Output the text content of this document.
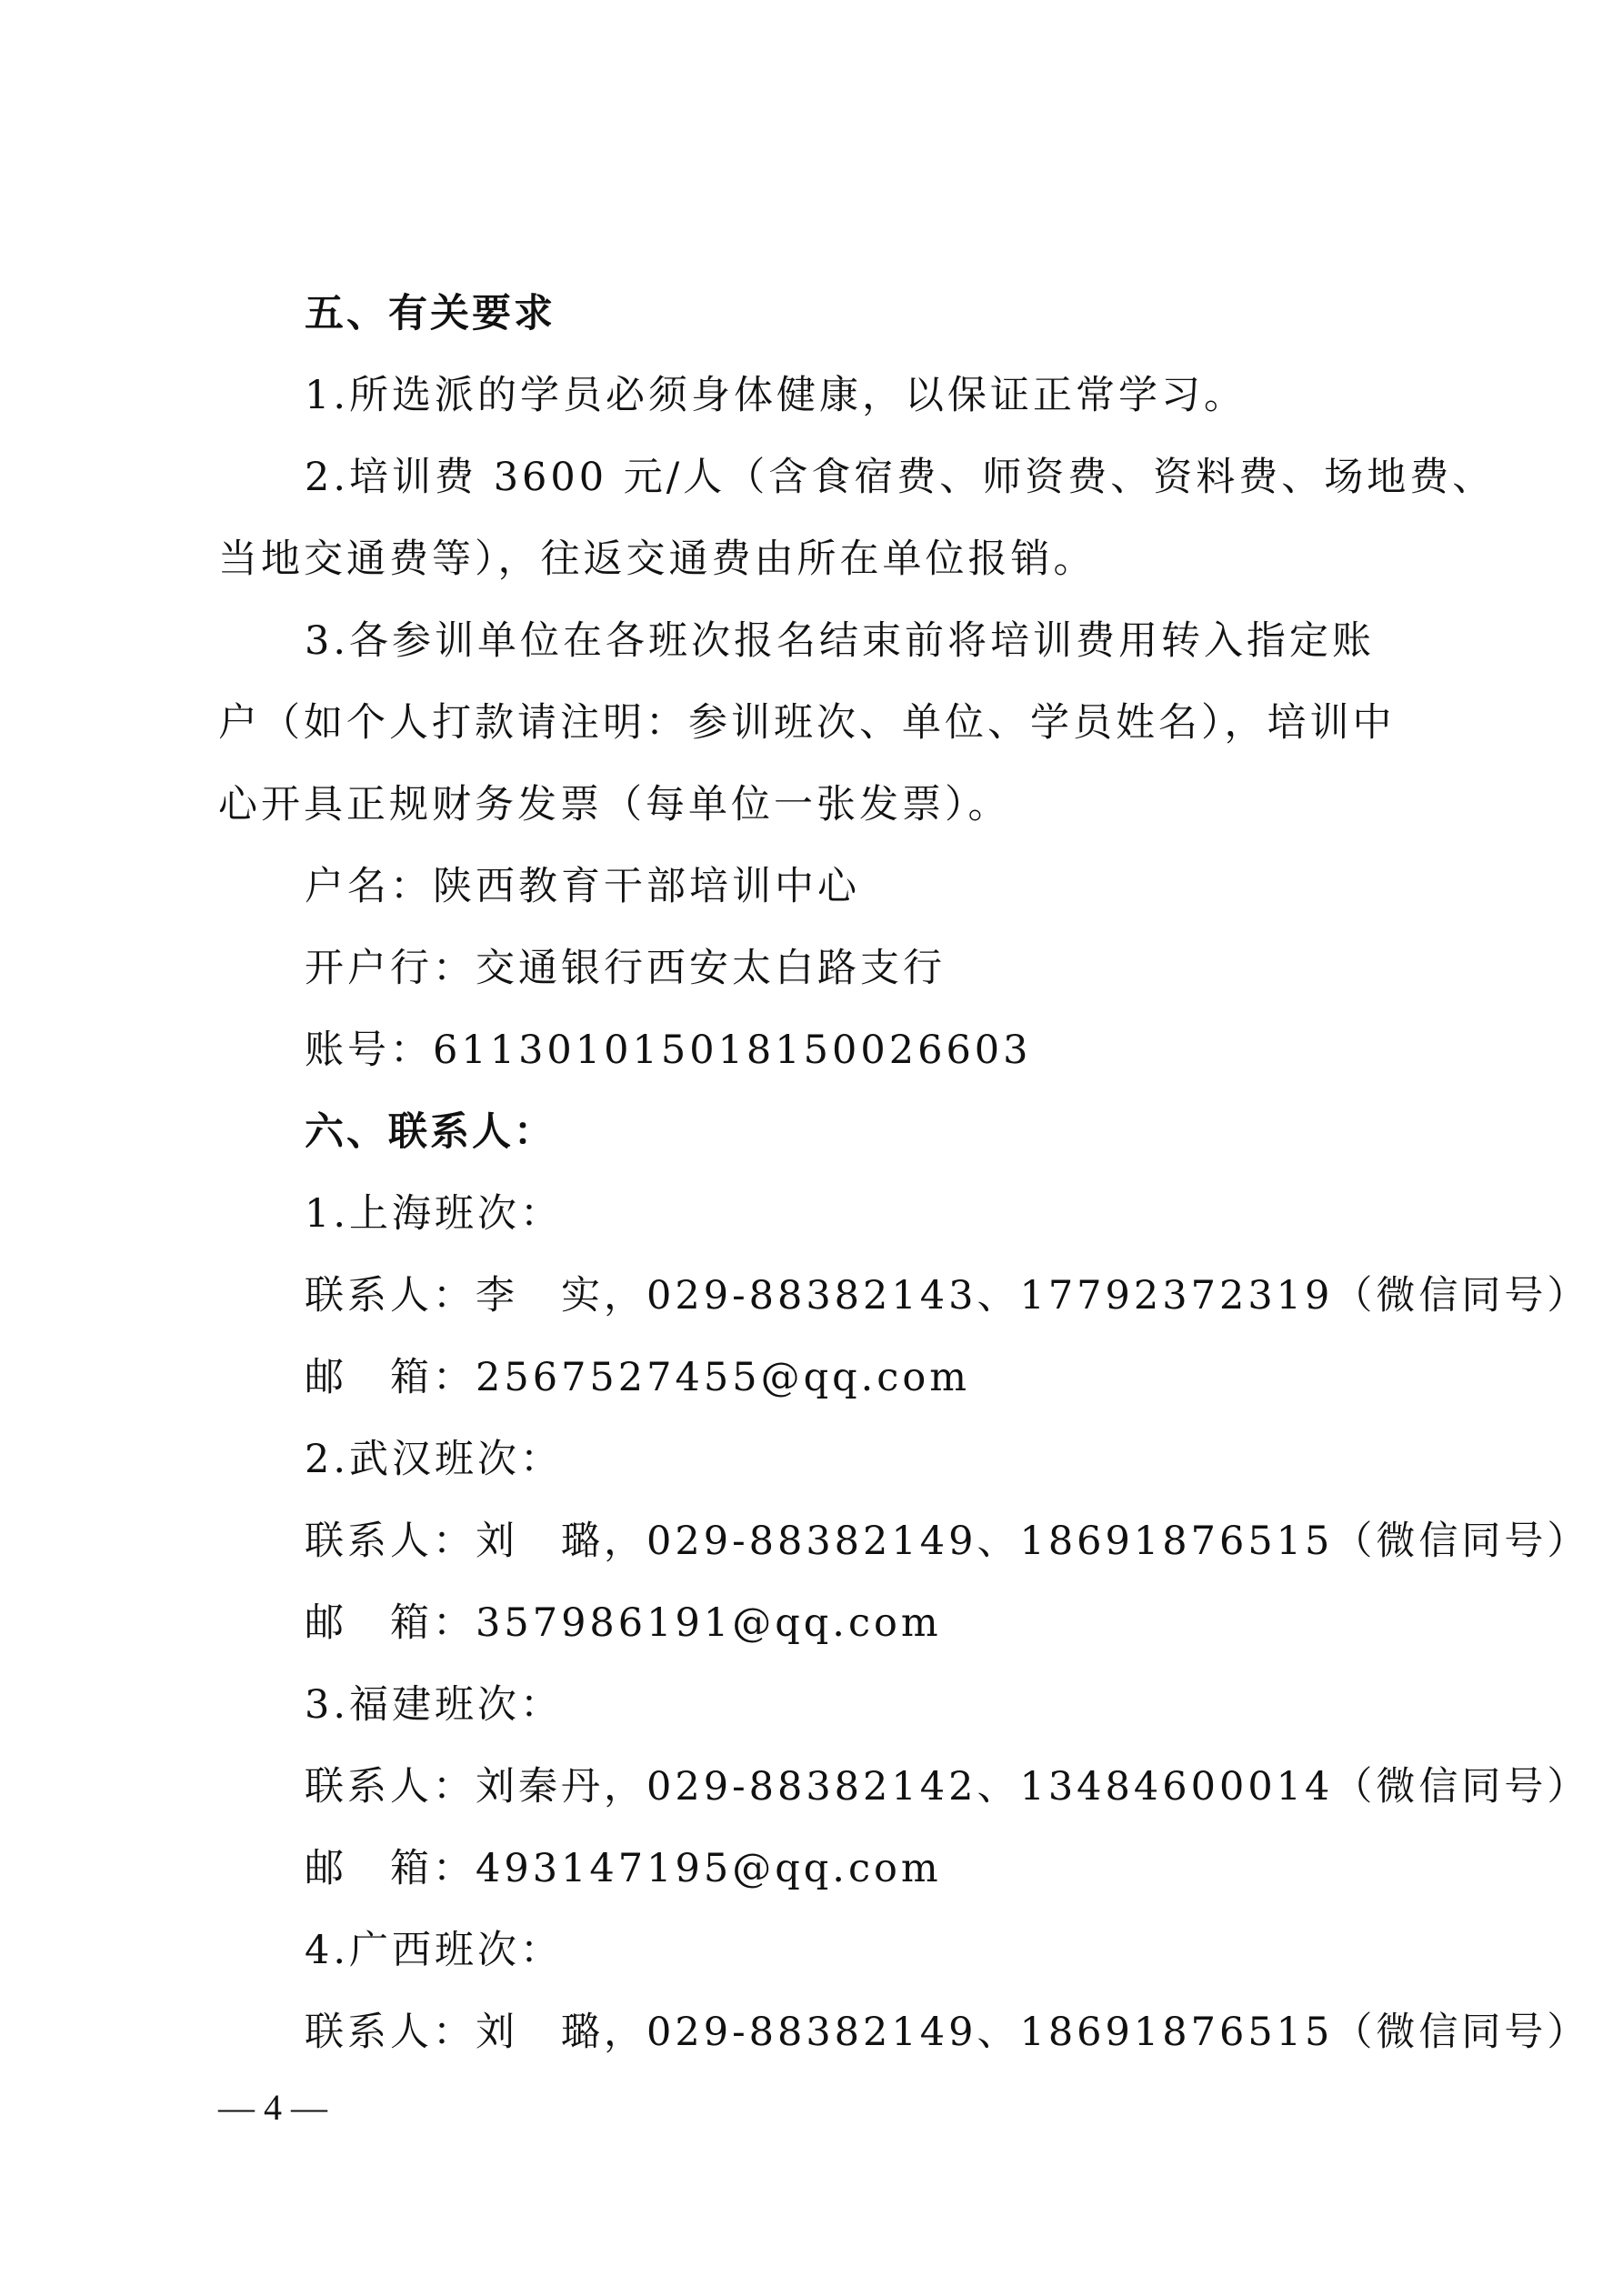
五、有关要求
1.所选派的学员必须身体健康，以保证正常学习。
2.培训费 3600 元/人（含食宿费、师资费、资料费、场地费、
当地交通费等），往返交通费由所在单位报销。
3.各参训单位在各班次报名结束前将培训费用转入指定账
户（如个人打款请注明：参训班次、单位、学员姓名），培训中
心开具正规财务发票（每单位一张发票）。
户名：陕西教育干部培训中心
开户行：交通银行西安太白路支行
账号：611301015018150026603
六、联系人：
1.上海班次：
联系人：李　实，029-88382143、17792372319（微信同号）
邮　箱：2567527455@qq.com
2.武汉班次：
联系人：刘　璐，029-88382149、18691876515（微信同号）
邮　箱：357986191@qq.com
3.福建班次：
联系人：刘秦丹，029-88382142、13484600014（微信同号）
邮　箱：493147195@qq.com
4.广西班次：
联系人：刘　璐，029-88382149、18691876515（微信同号）
— 4 —
